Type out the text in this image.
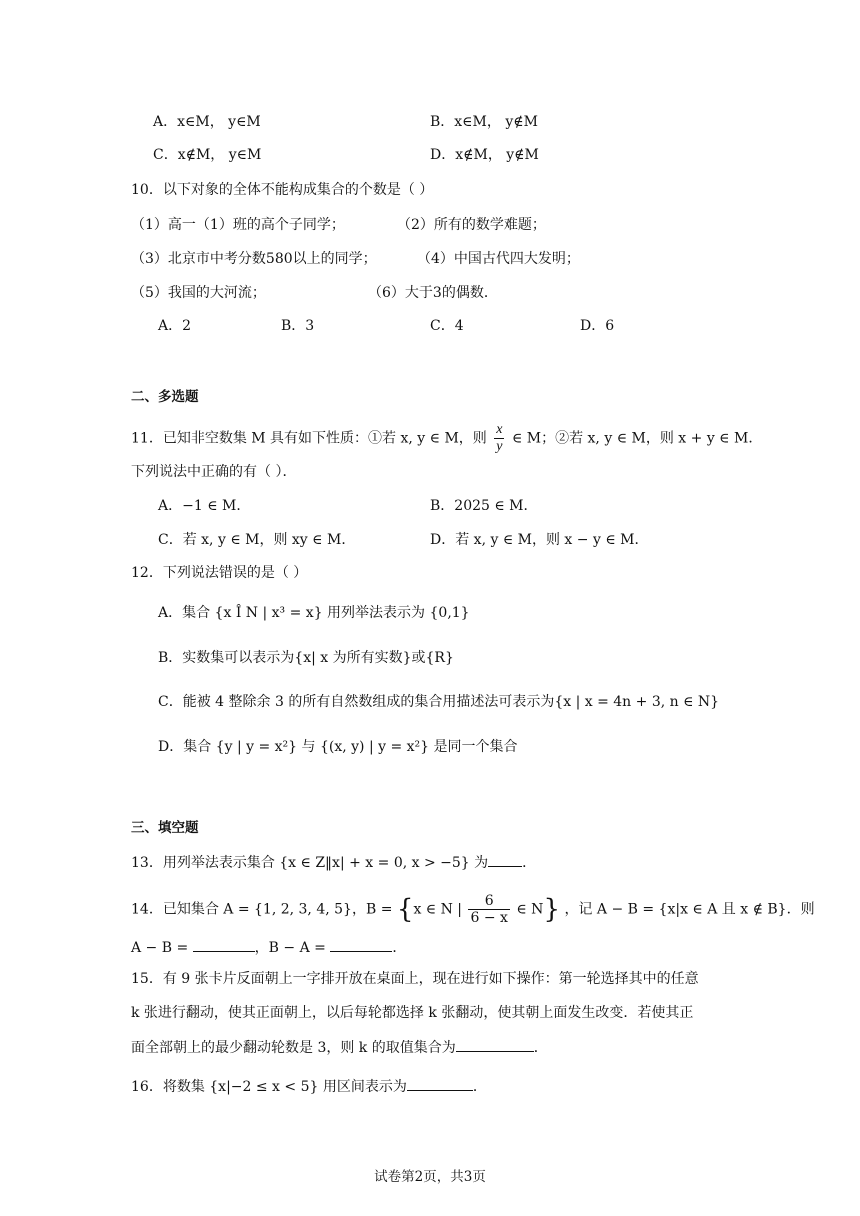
A．x∈M， y∈M	B．x∈M， y∉M
C．x∉M， y∈M	D．x∉M， y∉M
10．以下对象的全体不能构成集合的个数是（ ）
（1）高一（1）班的高个子同学；	（2）所有的数学难题；
（3）北京市中考分数580以上的同学；	（4）中国古代四大发明；
（5）我国的大河流；	（6）大于3的偶数．
A．2	B．3	C．4	D．6
二、多选题
11．已知非空数集 M 具有如下性质：①若 x, y ∈ M，则 $\frac{x}{y}$ ∈ M；②若 x, y ∈ M，则 x + y ∈ M．
下列说法中正确的有（ ）．
A．−1 ∈ M．	B．2025 ∈ M．
C．若 x, y ∈ M，则 xy ∈ M．	D．若 x, y ∈ M，则 x − y ∈ M．
12．下列说法错误的是（ ）
A．集合 {x Î N | x³ = x} 用列举法表示为 {0,1}
B．实数集可以表示为{x| x 为所有实数}或{R}
C．能被 4 整除余 3 的所有自然数组成的集合用描述法可表示为{x | x = 4n + 3, n ∈ N}
D．集合 {y | y = x²} 与 {(x, y) | y = x²} 是同一个集合
三、填空题
13．用列举法表示集合 {x ∈ Z‖x| + x = 0, x > −5} 为 ．
14．已知集合 A = {1, 2, 3, 4, 5}，B = {x ∈ N | $\frac{6}{6 - x}$ ∈ N} ，记 A − B = {x|x ∈ A 且 x ∉ B}．则
A − B =	，B − A =	．
15．有 9 张卡片反面朝上一字排开放在桌面上，现在进行如下操作：第一轮选择其中的任意
k 张进行翻动，使其正面朝上，以后每轮都选择 k 张翻动，使其朝上面发生改变．若使其正
面全部朝上的最少翻动轮数是 3，则 k 的取值集合为	．
16．将数集 {x|−2 ≤ x < 5} 用区间表示为	．
试卷第2页，共3页
